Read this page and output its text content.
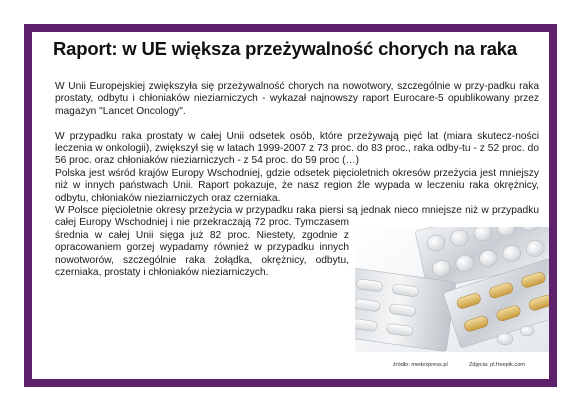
Raport: w UE większa przeżywalność chorych na raka

W Unii Europejskiej zwiększyła się przeżywalność chorych na nowotwory, szczególnie w przy-padku raka prostaty, odbytu i chłoniaków nieziarniczych - wykazał najnowszy raport Eurocare-5 opublikowany przez magazyn "Lancet Oncology".

W przypadku raka prostaty w całej Unii odsetek osób, które przeżywają pięć lat (miara skutecz-ności leczenia w onkologii), zwiększył się w latach 1999-2007 z 73 proc. do 83 proc., raka odby-tu - z 52 proc. do 56 proc. oraz chłoniaków nieziarniczych - z 54 proc. do 59 proc (…)

Polska jest wśród krajów Europy Wschodniej, gdzie odsetek pięcioletnich okresów przeżycia jest mniejszy niż w innych państwach Unii. Raport pokazuje, że nasz region źle wypada w leczeniu raka okrężnicy, odbytu, chłoniaków nieziarniczych oraz czerniaka.

W Polsce pięcioletnie okresy przeżycia w przypadku raka piersi są jednak nieco mniejsze niż w przypadku całej Europy Wschodniej i nie przekraczają 72 proc. Tymczasem średnia w całej Unii sięga już 82 proc. Niestety, zgodnie z opracowaniem gorzej wypadamy również w przypadku innych nowotworów, szczególnie raka żołądka, okrężnicy, odbytu, czerniaka, prostaty i chłoniaków nieziarniczych.

źródło: medexpress.pl	Zdjęcia: pl.freepik.com
